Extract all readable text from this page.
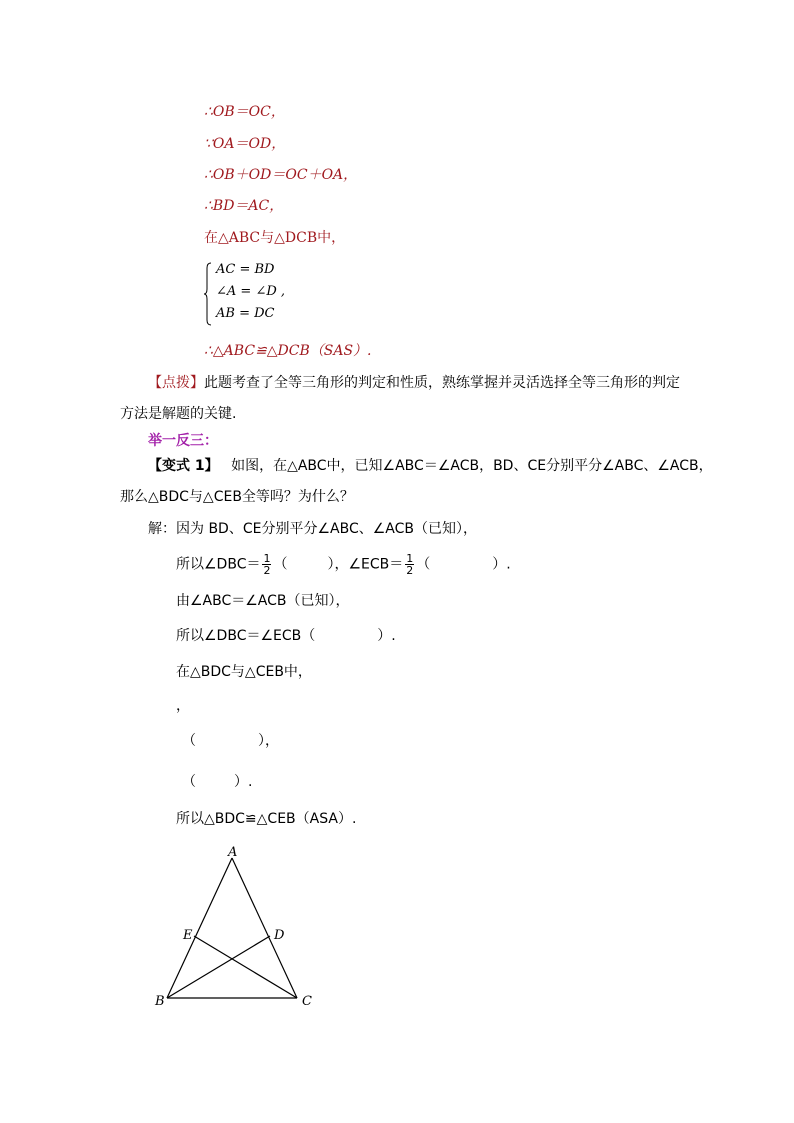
∴OB＝OC，
∵OA＝OD，
∴OB＋OD＝OC＋OA，
∴BD＝AC，
在△ABC与△DCB中，
AC = BD
∠A = ∠D ,
AB = DC
∴△ABC≌△DCB（SAS）.
【点拨】此题考查了全等三角形的判定和性质，熟练掌握并灵活选择全等三角形的判定
方法是解题的关键.
举一反三：
【变式 1】 如图，在△ABC中，已知∠ABC＝∠ACB，BD、CE分别平分∠ABC、∠ACB，
那么△BDC与△CEB全等吗？为什么？
解：因为 BD、CE分别平分∠ABC、∠ACB（已知），
所以∠DBC＝ $\frac{1}{2}$ （	），∠ECB＝ $\frac{1}{2}$ （	）.
由∠ABC＝∠ACB（已知），
所以∠DBC＝∠ECB（	）.
在△BDC与△CEB中，
，
（	），
（	）.
所以△BDC≌△CEB（ASA）.
A
B	C
D
E
